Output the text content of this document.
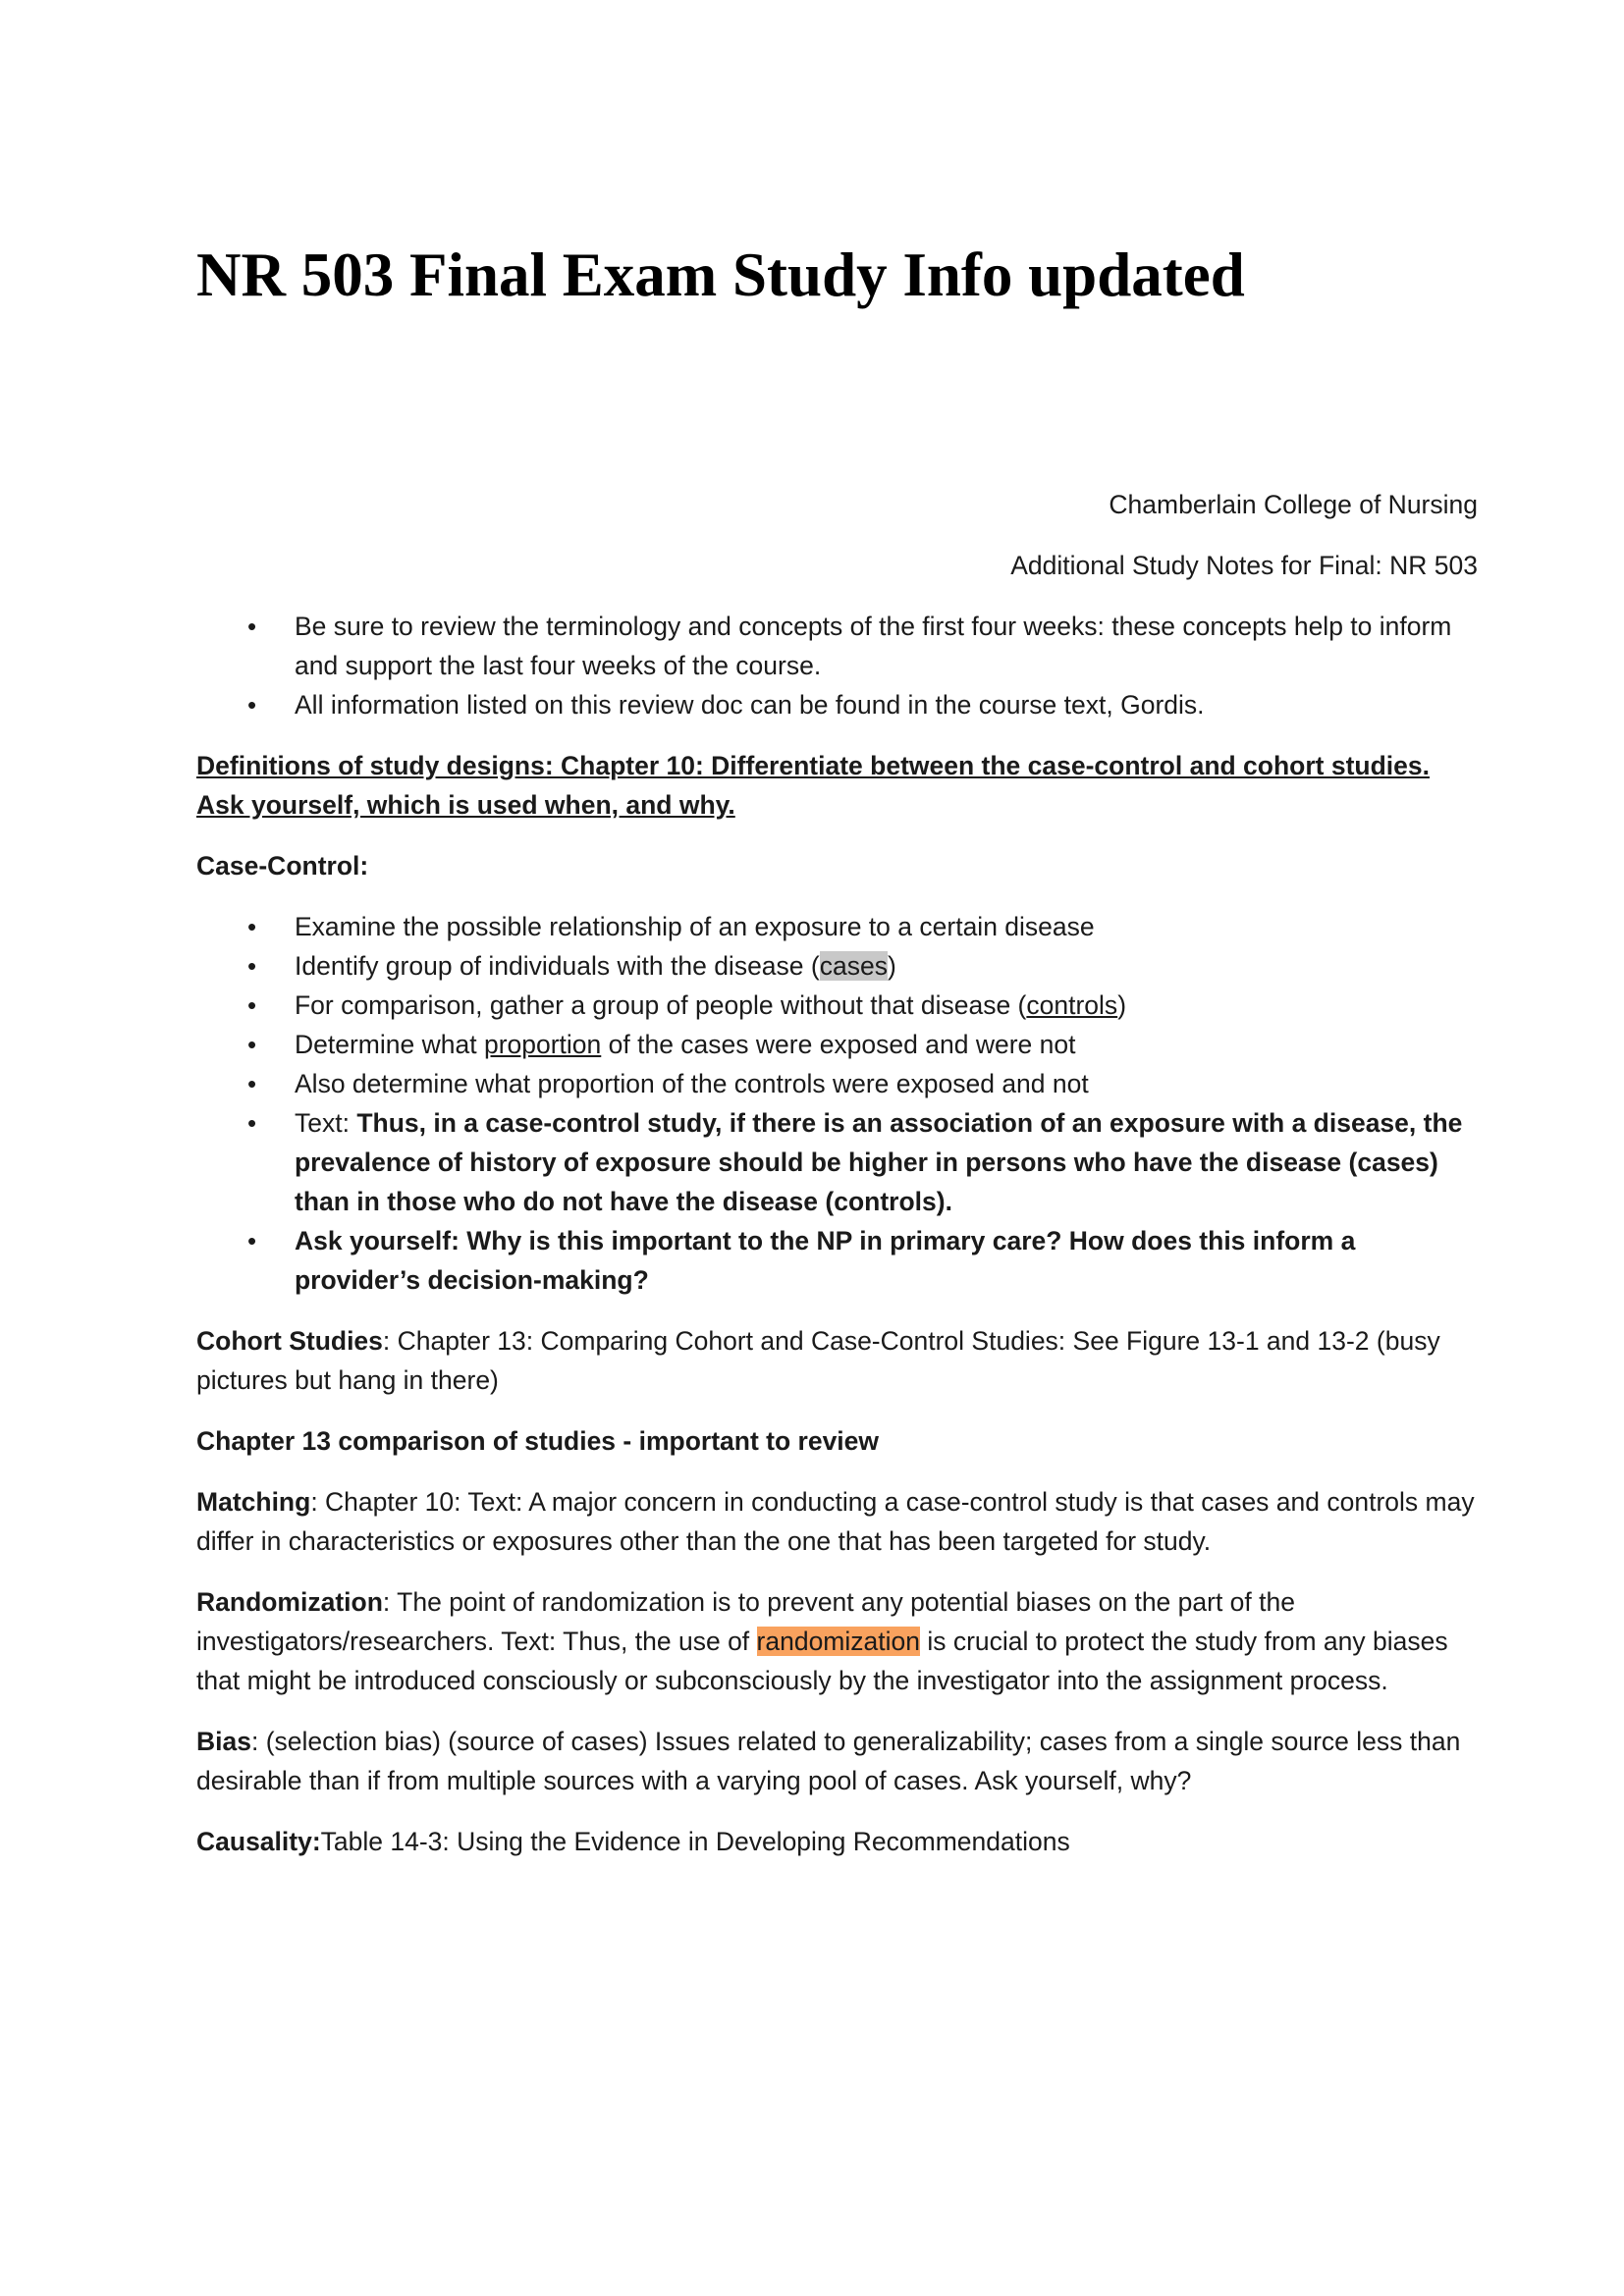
NR 503 Final Exam Study Info updated

Chamberlain College of Nursing

Additional Study Notes for Final: NR 503

• Be sure to review the terminology and concepts of the first four weeks: these concepts help to inform and support the last four weeks of the course.
• All information listed on this review doc can be found in the course text, Gordis.

Definitions of study designs: Chapter 10: Differentiate between the case-control and cohort studies. Ask yourself, which is used when, and why.

Case-Control:

• Examine the possible relationship of an exposure to a certain disease
• Identify group of individuals with the disease (cases)
• For comparison, gather a group of people without that disease (controls)
• Determine what proportion of the cases were exposed and were not
• Also determine what proportion of the controls were exposed and not
• Text: Thus, in a case-control study, if there is an association of an exposure with a disease, the prevalence of history of exposure should be higher in persons who have the disease (cases) than in those who do not have the disease (controls).
• Ask yourself: Why is this important to the NP in primary care? How does this inform a provider’s decision-making?

Cohort Studies: Chapter 13: Comparing Cohort and Case-Control Studies: See Figure 13-1 and 13-2 (busy pictures but hang in there)

Chapter 13 comparison of studies - important to review

Matching: Chapter 10: Text: A major concern in conducting a case-control study is that cases and controls may differ in characteristics or exposures other than the one that has been targeted for study.

Randomization: The point of randomization is to prevent any potential biases on the part of the investigators/researchers. Text: Thus, the use of randomization is crucial to protect the study from any biases that might be introduced consciously or subconsciously by the investigator into the assignment process.

Bias: (selection bias) (source of cases) Issues related to generalizability; cases from a single source less than desirable than if from multiple sources with a varying pool of cases. Ask yourself, why?

Causality:Table 14-3: Using the Evidence in Developing Recommendations
